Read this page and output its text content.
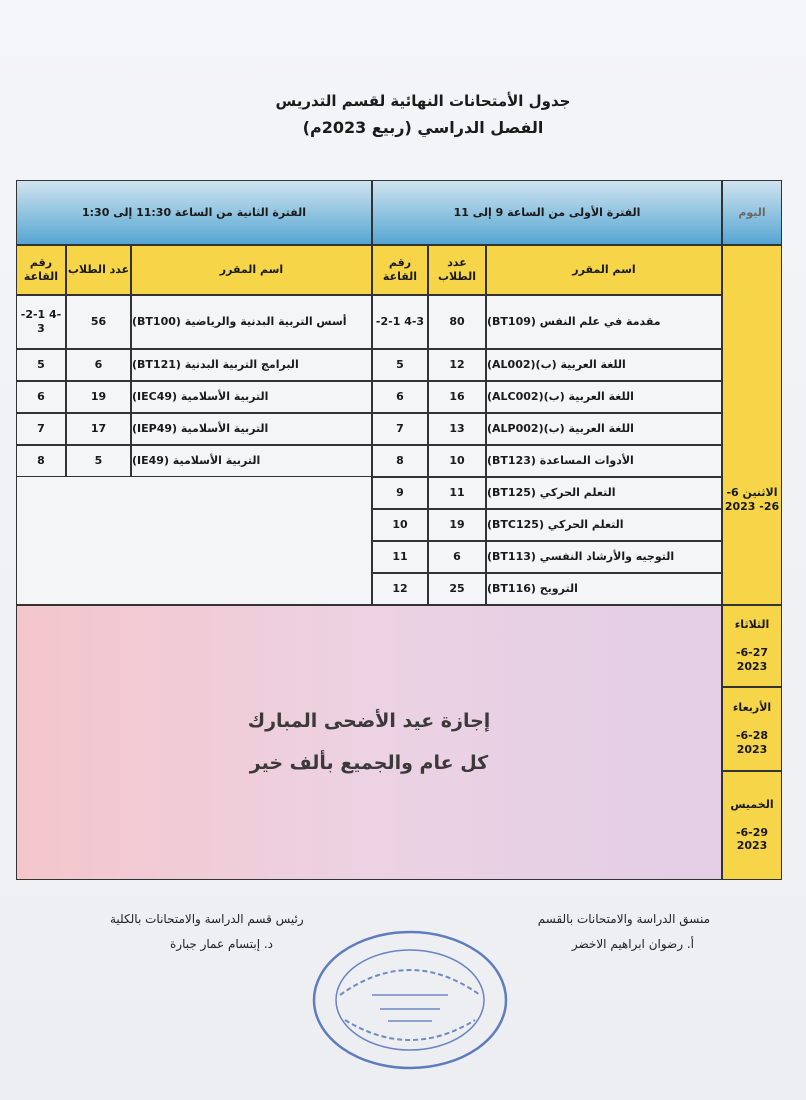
جدول الأمتحانات النهائية لقسم التدريس
الفصل الدراسي (ربيع 2023م)
اليوم
الفترة الأولى من الساعة 9 إلى 11
الفترة الثانية من الساعة 11:30 إلى 1:30
الاثنين 6-26- 2023
اسم المقرر
عدد الطلاب
رقم القاعة
اسم المقرر
عدد الطلاب
رقم القاعة
مقدمة في علم النفس (BT109)
80
-2-1 4-3
اللغة العربية (ب)(AL002)
12
5
اللغة العربية (ب)(ALC002)
16
6
اللغة العربية (ب)(ALP002)
13
7
الأدوات المساعدة (BT123)
10
8
التعلم الحركي (BT125)
11
9
التعلم الحركي (BTC125)
19
10
التوجيه والأرشاد النفسي (BT113)
6
11
الترويح (BT116)
25
12
أسس التربية البدنية والرياضية (BT100)
56
-2-1 4-3
البرامج التربية البدنية (BT121)
6
5
التربية الأسلامية (IEC49)
19
6
التربية الأسلامية (IEP49)
17
7
التربية الأسلامية (IE49)
5
8
الثلاثاء
6-27-
2023
الأربعاء
6-28-
2023
الخميس
6-29-
2023
إجازة عيد الأضحى المبارك
كل عام والجميع بألف خير
منسق الدراسة والامتحانات بالقسم
أ. رضوان ابراهيم الاخضر
رئيس قسم الدراسة والامتحانات بالكلية
د. إبتسام عمار جبارة
